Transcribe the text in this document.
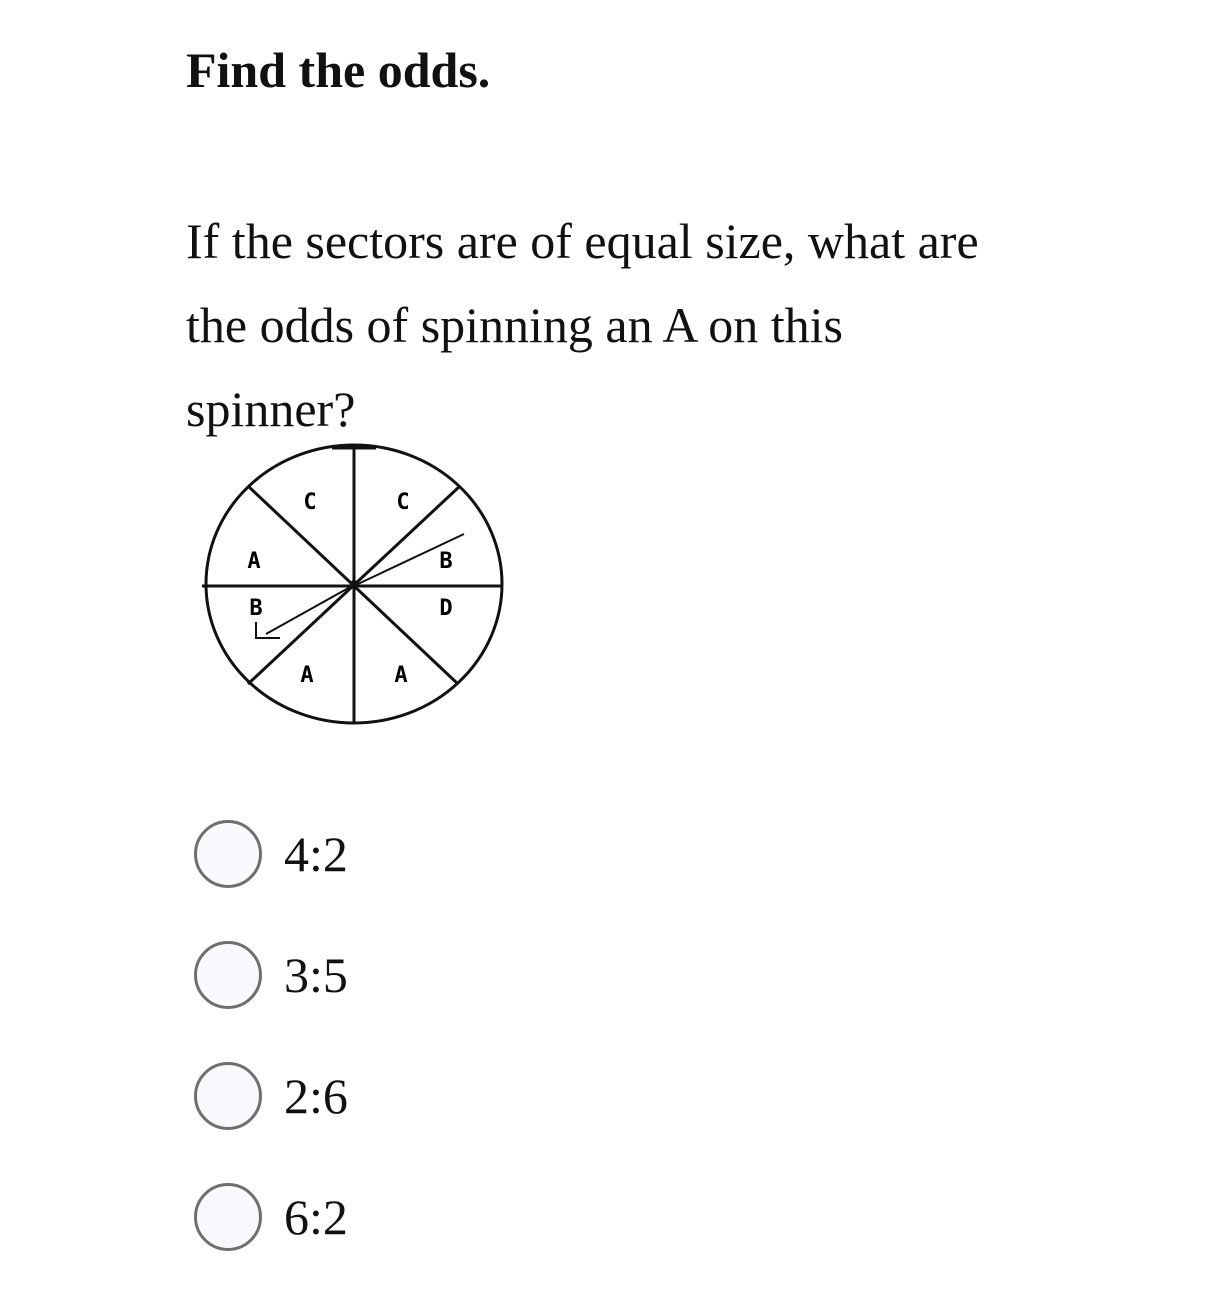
Find the odds.

If the sectors are of equal size, what are
the odds of spinning an A on this
spinner?

C	C
B
D
A
A
B
A
4:2
3:5
2:6
6:2
